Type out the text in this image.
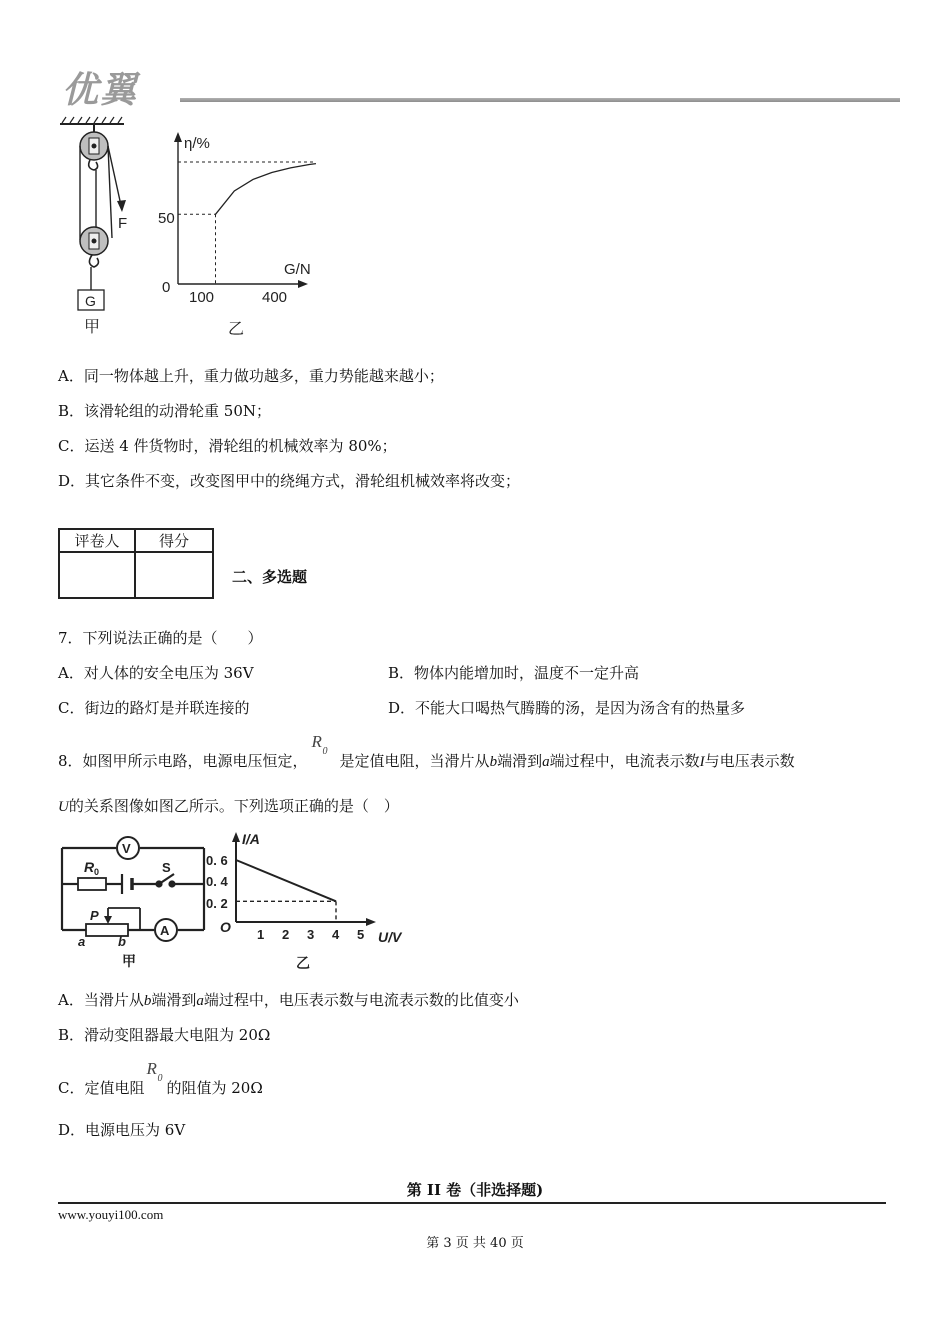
优翼
F
G
甲
η/%
G/N
0
50
100	400
乙
A．同一物体越上升，重力做功越多，重力势能越来越小；
B．该滑轮组的动滑轮重 50N；
C．运送 4 件货物时，滑轮组的机械效率为 80%；
D．其它条件不变，改变图甲中的绕绳方式，滑轮组机械效率将改变；
评卷人	得分

二、多选题
7．下列说法正确的是（　　）
A．对人体的安全电压为 36V	B．物体内能增加时，温度不一定升高
C．街边的路灯是并联连接的	D．不能大口喝热气腾腾的汤，是因为汤含有的热量多
8．如图甲所示电路，电源电压恒定，
R
0
是定值电阻，当滑片从b端滑到a端过程中，电流表示数I与电压表示数
U的关系图像如图乙所示。下列选项正确的是（　）
V
A
R 0	S
P
a	b
甲
I/A
U/V
O
0. 6
0. 4
0. 2
1 2 3 4 5
乙
A．当滑片从b端滑到a端过程中，电压表示数与电流表示数的比值变小
B．滑动变阻器最大电阻为 20Ω
C．定值电阻
R
0
的阻值为 20Ω
D．电源电压为 6V
第 II 卷（非选择题)
www.youyi100.com
第 3 页 共 40 页
